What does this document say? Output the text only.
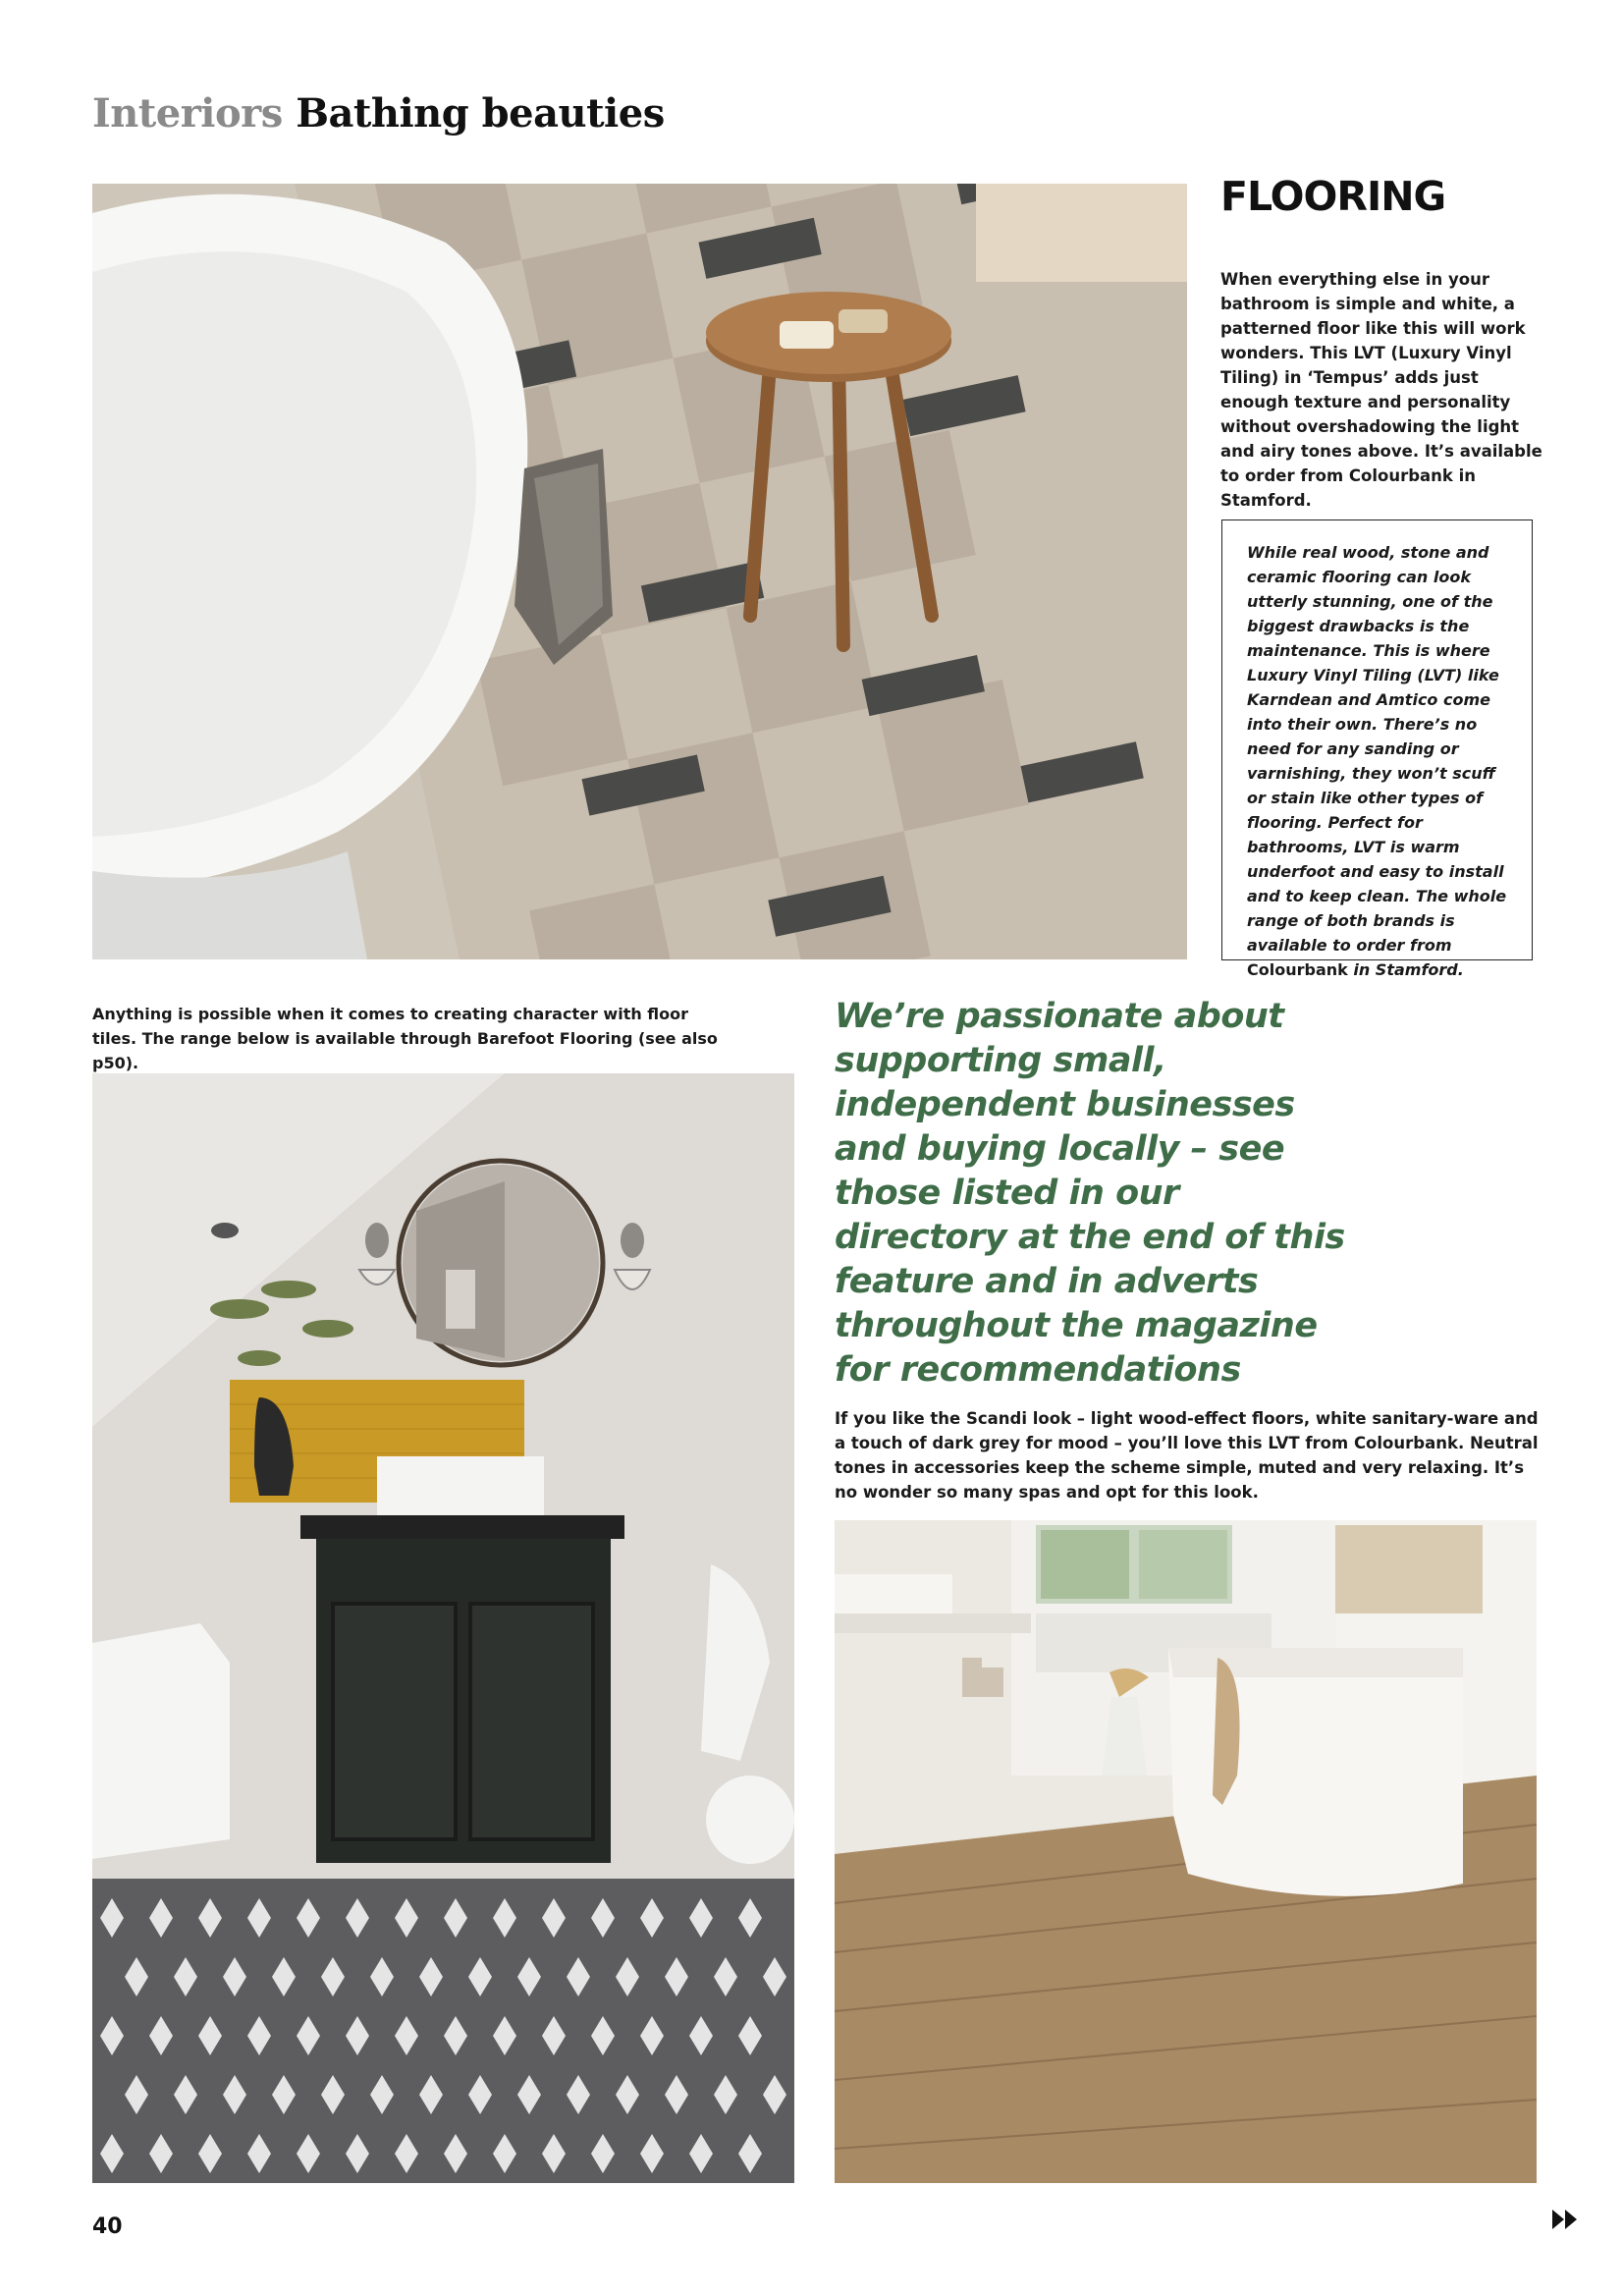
Interiors Bathing beauties
FLOORING
When everything else in your bathroom is simple and white, a patterned floor like this will work wonders. This LVT (Luxury Vinyl Tiling) in ‘Tempus’ adds just enough texture and personality without overshadowing the light and airy tones above. It’s available to order from Colourbank in Stamford.
While real wood, stone and ceramic flooring can look utterly stunning, one of the biggest drawbacks is the maintenance. This is where Luxury Vinyl Tiling (LVT) like Karndean and Amtico come into their own. There’s no need for any sanding or varnishing, they won’t scuff or stain like other types of flooring. Perfect for bathrooms, LVT is warm underfoot and easy to install and to keep clean. The whole range of both brands is available to order from Colourbank in Stamford.
Anything is possible when it comes to creating character with floor tiles. The range below is available through Barefoot Flooring (see also p50).
We’re passionate about supporting small, independent businesses and buying locally – see those listed in our directory at the end of this feature and in adverts throughout the magazine for recommendations
If you like the Scandi look – light wood-effect floors, white sanitary-ware and a touch of dark grey for mood – you’ll love this LVT from Colourbank. Neutral tones in accessories keep the scheme simple, muted and very relaxing. It’s no wonder so many spas and opt for this look.
40
